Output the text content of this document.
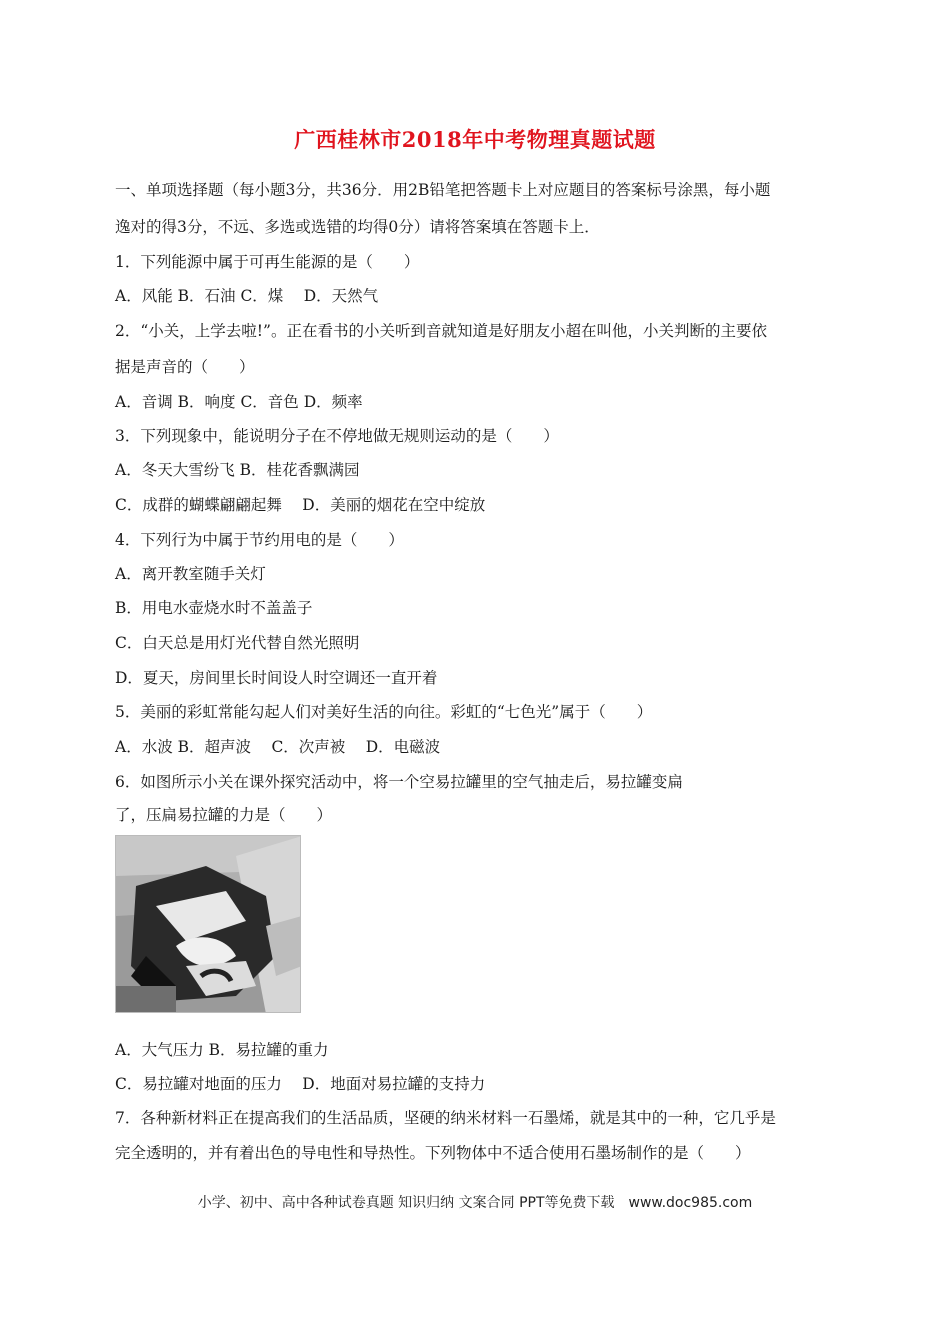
广西桂林市2018年中考物理真题试题
一、单项选择题（每小题3分，共36分．用2B铅笔把答题卡上对应题目的答案标号涂黑，每小题
逸对的得3分，不远、多选或选错的均得0分）请将答案填在答题卡上．
1．下列能源中属于可再生能源的是（　　）
A．风能 B．石油 C．煤　 D．天然气
2．“小关，上学去啦!”。正在看书的小关听到音就知道是好朋友小超在叫他，小关判断的主要依
据是声音的（　　）
A．音调 B．响度 C．音色 D．频率
3．下列现象中，能说明分子在不停地做无规则运动的是（　　）
A．冬天大雪纷飞 B．桂花香飘满园
C．成群的蝴蝶翩翩起舞　 D．美丽的烟花在空中绽放
4．下列行为中属于节约用电的是（　　）
A．离开教室随手关灯
B．用电水壶烧水时不盖盖子
C．白天总是用灯光代替自然光照明
D．夏天，房间里长时间设人时空调还一直开着
5．美丽的彩虹常能勾起人们对美好生活的向往。彩虹的“七色光”属于（　　）
A．水波 B．超声波　 C．次声被　 D．电磁波
6．如图所示小关在课外探究活动中，将一个空易拉罐里的空气抽走后，易拉罐变扁
了，压扁易拉罐的力是（　　）
A．大气压力 B．易拉罐的重力
C．易拉罐对地面的压力　 D．地面对易拉罐的支持力
7．各种新材料正在提高我们的生活品质，坚硬的纳米材料一石墨烯，就是其中的一种，它几乎是
完全透明的，并有着出色的导电性和导热性。下列物体中不适合使用石墨场制作的是（　　）
小学、初中、高中各种试卷真题 知识归纳 文案合同 PPT等免费下载　www.doc985.com
